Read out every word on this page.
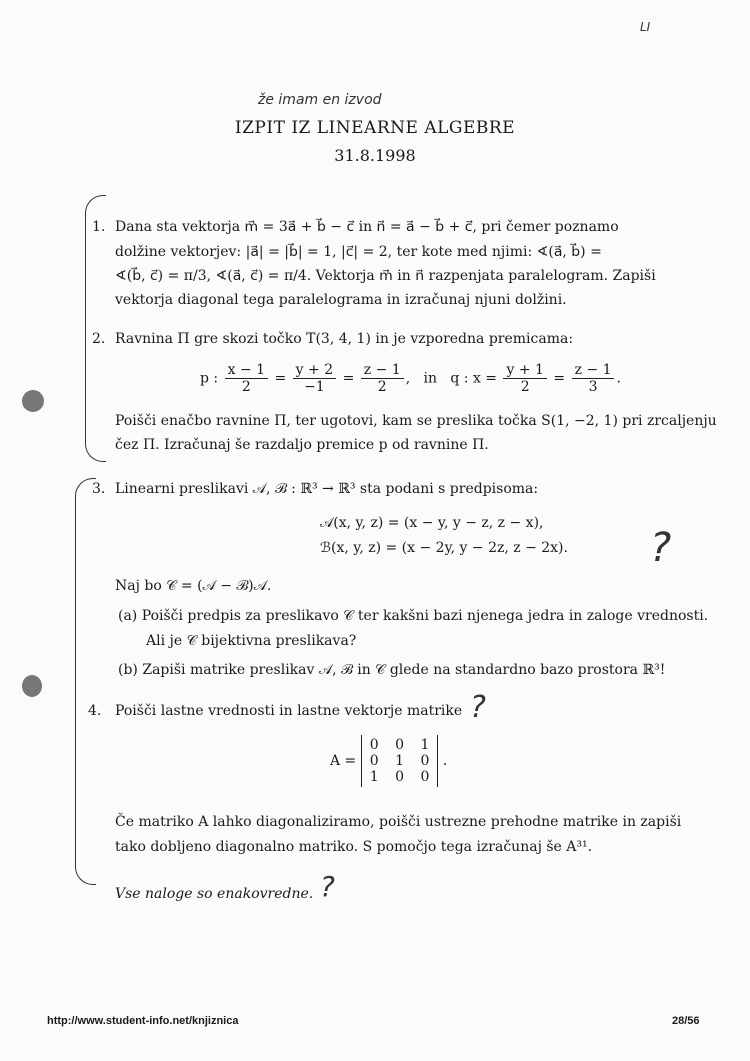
LI
že imam en izvod
IZPIT IZ LINEARNE ALGEBRE
31.8.1998
1. Dana sta vektorja m⃗ = 3a⃗ + b⃗ − c⃗ in n⃗ = a⃗ − b⃗ + c⃗, pri čemer poznamo
dolžine vektorjev: |a⃗| = |b⃗| = 1, |c⃗| = 2, ter kote med njimi: ∢(a⃗, b⃗) =
∢(b⃗, c⃗) = π/3, ∢(a⃗, c⃗) = π/4. Vektorja m⃗ in n⃗ razpenjata paralelogram. Zapiši
vektorja diagonal tega paralelograma in izračunaj njuni dolžini.
2. Ravnina Π gre skozi točko T(3, 4, 1) in je vzporedna premicama:
p : $\frac{x - 1}{2} = \frac{y + 2}{-1} = \frac{z - 1}{2}$ ,   in q : $x = \frac{y + 1}{2} = \frac{z - 1}{3}$ .
Poišči enačbo ravnine Π, ter ugotovi, kam se preslika točka S(1, −2, 1) pri zrcaljenju
čez Π. Izračunaj še razdaljo premice p od ravnine Π.
3. Linearni preslikavi 𝒜, ℬ : ℝ³ → ℝ³ sta podani s predpisoma:
𝒜(x, y, z) = (x − y, y − z, z − x),
ℬ(x, y, z) = (x − 2y, y − 2z, z − 2x). ?
Naj bo 𝒞 = (𝒜 − ℬ)𝒜.
(a) Poišči predpis za preslikavo 𝒞 ter kakšni bazi njenega jedra in zaloge vrednosti.
Ali je 𝒞 bijektivna preslikava?
(b) Zapiši matrike preslikav 𝒜, ℬ in 𝒞 glede na standardno bazo prostora ℝ³!
4. Poišči lastne vrednosti in lastne vektorje matrike ?
A =
0 0 1
0 1 0
1 0 0
.
Če matriko A lahko diagonaliziramo, poišči ustrezne prehodne matrike in zapiši
tako dobljeno diagonalno matriko. S pomočjo tega izračunaj še A³¹.
Vse naloge so enakovredne. ?
http://www.student-info.net/knjiznica	28/56
